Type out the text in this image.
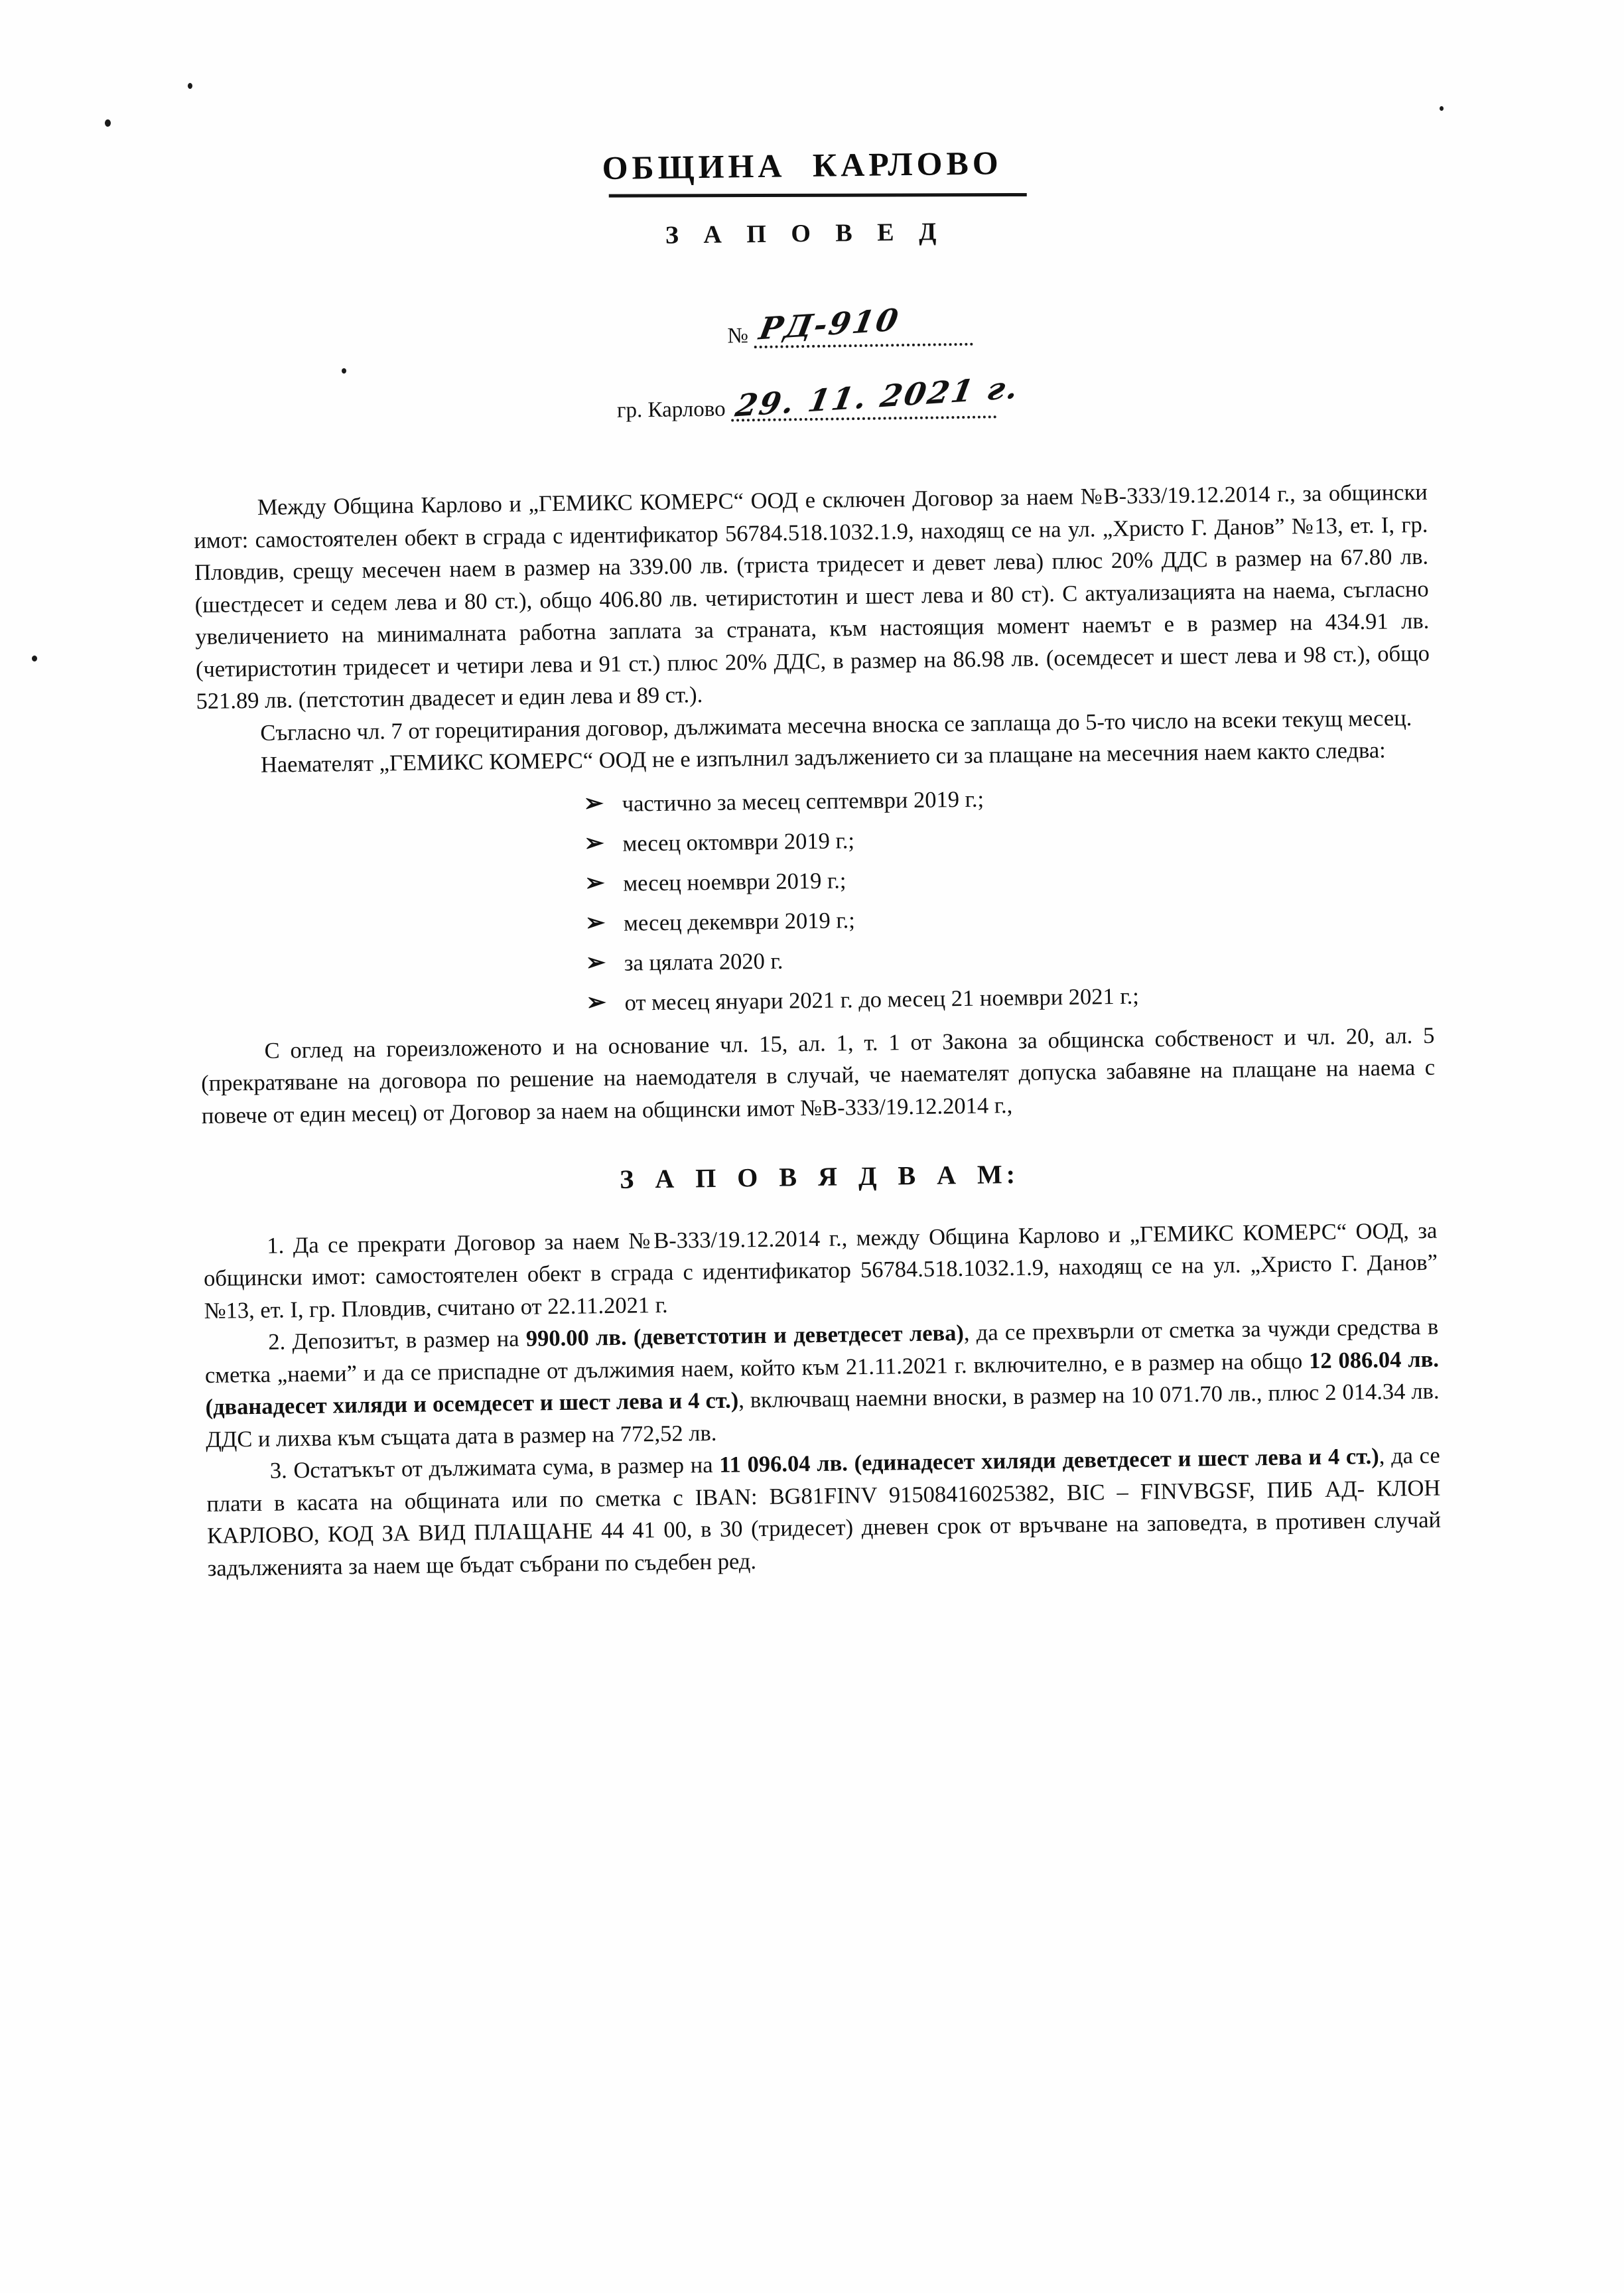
ОБЩИНА КАРЛОВО
З А П О В Е Д
№ РД-910
гр. Карлово 29. 11. 2021 г.

Между Община Карлово и „ГЕМИКС КОМЕРС“ ООД е сключен Договор за наем №В-333/19.12.2014 г., за общински имот: самостоятелен обект в сграда с идентификатор 56784.518.1032.1.9, находящ се на ул. „Христо Г. Данов” №13, ет. I, гр. Пловдив, срещу месечен наем в размер на 339.00 лв. (триста тридесет и девет лева) плюс 20% ДДС в размер на 67.80 лв. (шестдесет и седем лева и 80 ст.), общо 406.80 лв. четиристотин и шест лева и 80 ст). С актуализацията на наема, съгласно увеличението на минималната работна заплата за страната, към настоящия момент наемът е в размер на 434.91 лв. (четиристотин тридесет и четири лева и 91 ст.) плюс 20% ДДС, в размер на 86.98 лв. (осемдесет и шест лева и 98 ст.), общо 521.89 лв. (петстотин двадесет и един лева и 89 ст.).

Съгласно чл. 7 от горецитирания договор, дължимата месечна вноска се заплаща до 5-то число на всеки текущ месец.

Наемателят „ГЕМИКС КОМЕРС“ ООД не е изпълнил задължението си за плащане на месечния наем както следва:

➢ частично за месец септември 2019 г.;
➢ месец октомври 2019 г.;
➢ месец ноември 2019 г.;
➢ месец декември 2019 г.;
➢ за цялата 2020 г.
➢ от месец януари 2021 г. до месец 21 ноември 2021 г.;

С оглед на гореизложеното и на основание чл. 15, ал. 1, т. 1 от Закона за общинска собственост и чл. 20, ал. 5 (прекратяване на договора по решение на наемодателя в случай, че наемателят допуска забавяне на плащане на наема с повече от един месец) от Договор за наем на общински имот №В-333/19.12.2014 г.,

З А П О В Я Д В А М:

1. Да се прекрати Договор за наем №В-333/19.12.2014 г., между Община Карлово и „ГЕМИКС КОМЕРС“ ООД, за общински имот: самостоятелен обект в сграда с идентификатор 56784.518.1032.1.9, находящ се на ул. „Христо Г. Данов” №13, ет. I, гр. Пловдив, считано от 22.11.2021 г.

2. Депозитът, в размер на 990.00 лв. (деветстотин и деветдесет лева), да се прехвърли от сметка за чужди средства в сметка „наеми” и да се приспадне от дължимия наем, който към 21.11.2021 г. включително, е в размер на общо 12 086.04 лв. (дванадесет хиляди и осемдесет и шест лева и 4 ст.), включващ наемни вноски, в размер на 10 071.70 лв., плюс 2 014.34 лв. ДДС и лихва към същата дата в размер на 772,52 лв.

3. Остатъкът от дължимата сума, в размер на 11 096.04 лв. (единадесет хиляди деветдесет и шест лева и 4 ст.), да се плати в касата на общината или по сметка с IBAN: BG81FINV 91508416025382, BIC – FINVBGSF, ПИБ АД- КЛОН КАРЛОВО, КОД ЗА ВИД ПЛАЩАНЕ 44 41 00, в 30 (тридесет) дневен срок от връчване на заповедта, в противен случай задълженията за наем ще бъдат събрани по съдебен ред.
